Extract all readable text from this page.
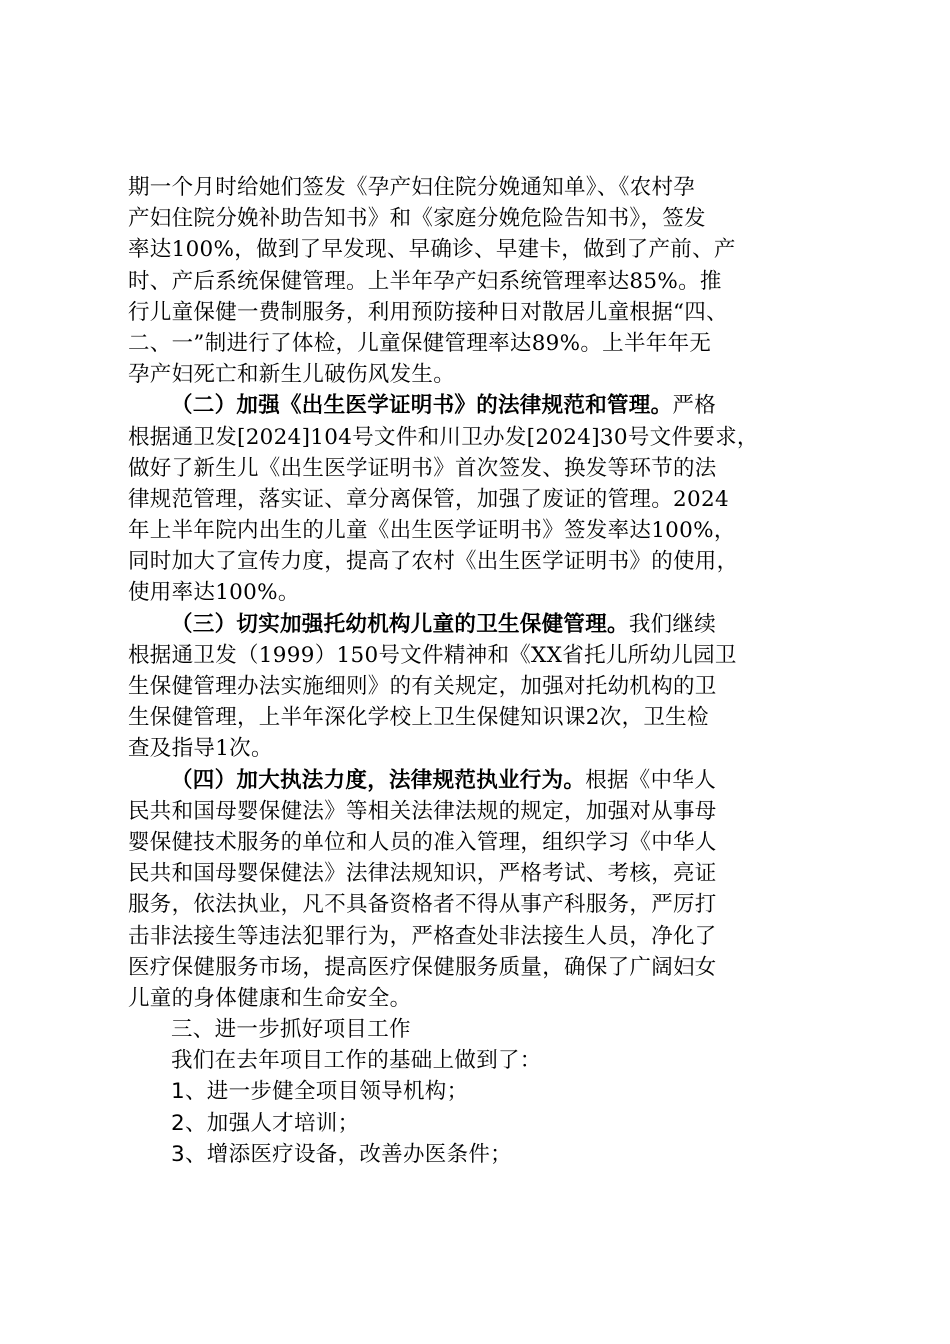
期一个月时给她们签发《孕产妇住院分娩通知单》、《农村孕
产妇住院分娩补助告知书》和《家庭分娩危险告知书》，签发
率达100%，做到了早发现、早确诊、早建卡，做到了产前、产
时、产后系统保健管理。上半年孕产妇系统管理率达85%。推
行儿童保健一费制服务，利用预防接种日对散居儿童根据“四、
二、一”制进行了体检，儿童保健管理率达89%。上半年年无
孕产妇死亡和新生儿破伤风发生。
（二）加强《出生医学证明书》的法律规范和管理。严格
根据通卫发[2024]104号文件和川卫办发[2024]30号文件要求，
做好了新生儿《出生医学证明书》首次签发、换发等环节的法
律规范管理，落实证、章分离保管，加强了废证的管理。2024
年上半年院内出生的儿童《出生医学证明书》签发率达100%，
同时加大了宣传力度，提高了农村《出生医学证明书》的使用，
使用率达100%。
（三）切实加强托幼机构儿童的卫生保健管理。我们继续
根据通卫发（1999）150号文件精神和《XX省托儿所幼儿园卫
生保健管理办法实施细则》的有关规定，加强对托幼机构的卫
生保健管理，上半年深化学校上卫生保健知识课2次，卫生检
查及指导1次。
（四）加大执法力度，法律规范执业行为。根据《中华人
民共和国母婴保健法》等相关法律法规的规定，加强对从事母
婴保健技术服务的单位和人员的准入管理，组织学习《中华人
民共和国母婴保健法》法律法规知识，严格考试、考核，亮证
服务，依法执业，凡不具备资格者不得从事产科服务，严厉打
击非法接生等违法犯罪行为，严格查处非法接生人员，净化了
医疗保健服务市场，提高医疗保健服务质量，确保了广阔妇女
儿童的身体健康和生命安全。
三、进一步抓好项目工作
我们在去年项目工作的基础上做到了：
1、进一步健全项目领导机构；
2、加强人才培训；
3、增添医疗设备，改善办医条件；
